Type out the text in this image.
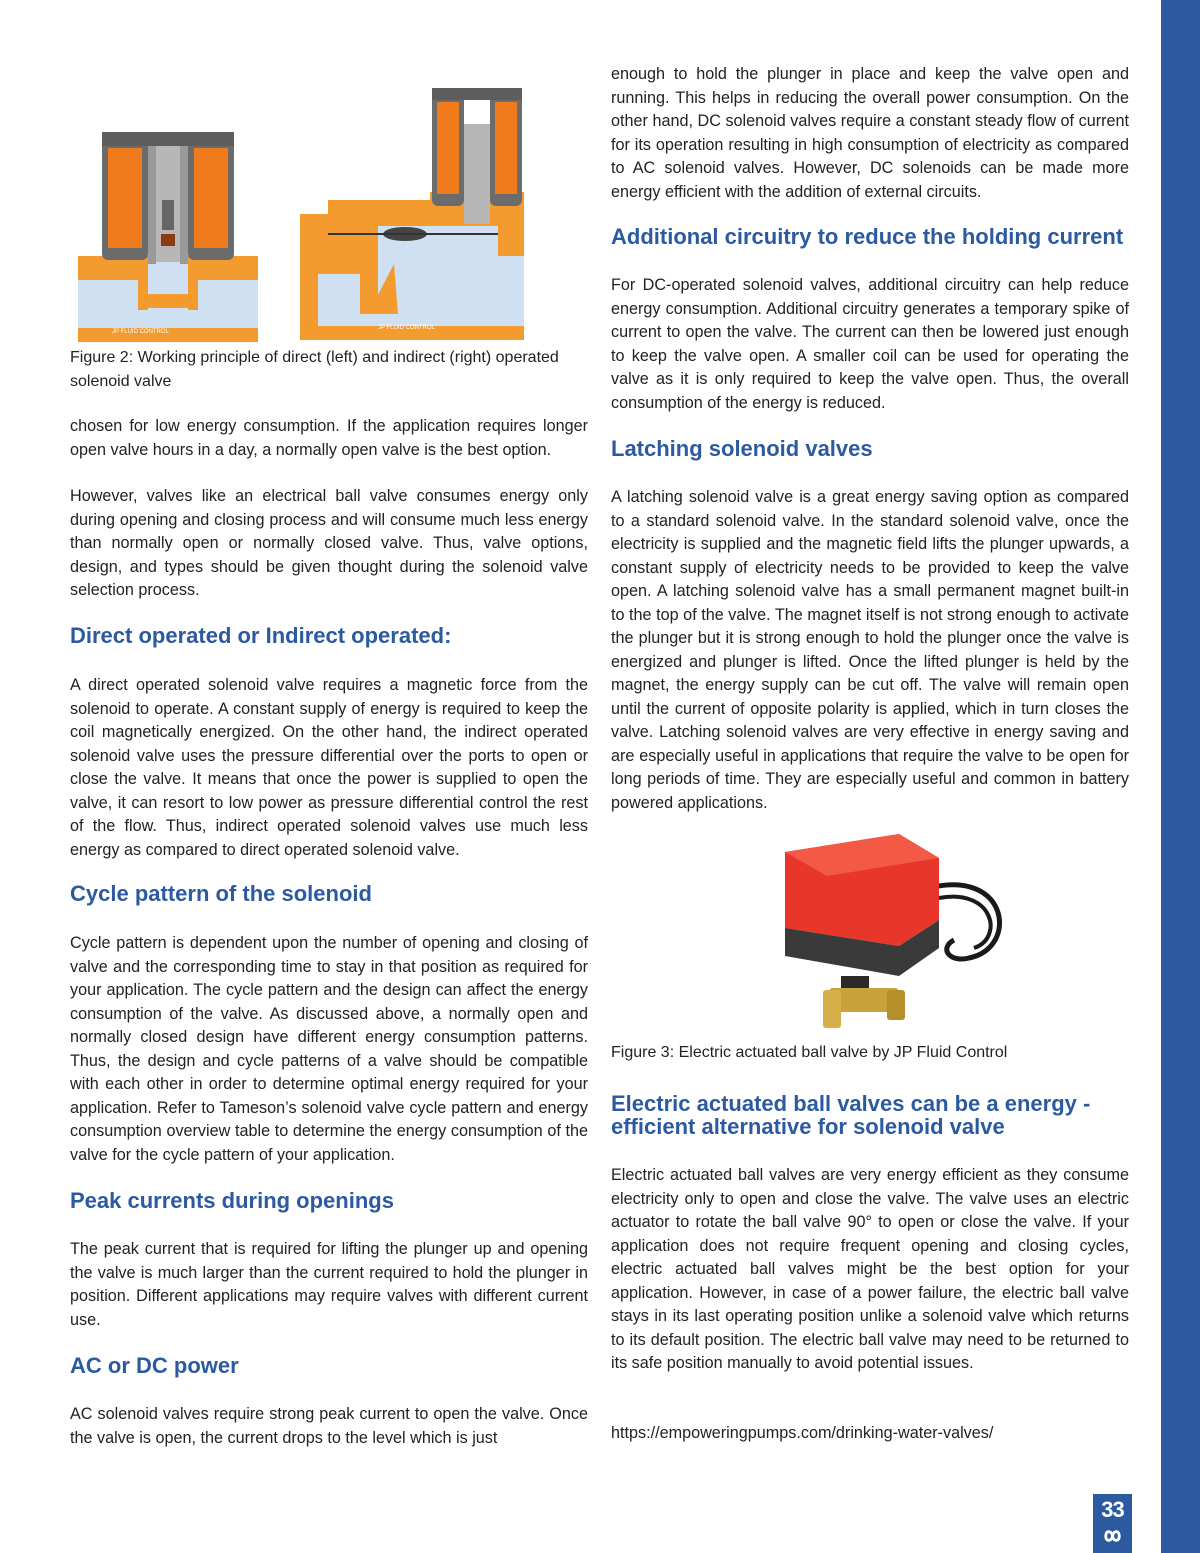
JP FLUID CONTROL
JP FLUID CONTROL

Figure 2: Working principle of direct (left) and indirect (right) operated solenoid valve

chosen for low energy consumption. If the application requires longer open valve hours in a day, a normally open valve is the best option.

However, valves like an electrical ball valve consumes energy only during opening and closing process and will consume much less energy than normally open or normally closed valve. Thus, valve options, design, and types should be given thought during the solenoid valve selection process.

Direct operated or Indirect operated:

A direct operated solenoid valve requires a magnetic force from the solenoid to operate. A constant supply of energy is required to keep the coil magnetically energized. On the other hand, the indirect operated solenoid valve uses the pressure differential over the ports to open or close the valve. It means that once the power is supplied to open the valve, it can resort to low power as pressure differential control the rest of the flow. Thus, indirect operated solenoid valves use much less energy as compared to direct operated solenoid valve.

Cycle pattern of the solenoid

Cycle pattern is dependent upon the number of opening and closing of valve and the corresponding time to stay in that position as required for your application. The cycle pattern and the design can affect the energy consumption of the valve. As discussed above, a normally open and normally closed design have different energy consumption patterns. Thus, the design and cycle patterns of a valve should be compatible with each other in order to determine optimal energy required for your application. Refer to Tameson’s solenoid valve cycle pattern and energy consumption overview table to determine the energy consumption of the valve for the cycle pattern of your application.

Peak currents during openings

The peak current that is required for lifting the plunger up and opening the valve is much larger than the current required to hold the plunger in position. Different applications may require valves with different current use.

AC or DC power

AC solenoid valves require strong peak current to open the valve. Once the valve is open, the current drops to the level which is just

enough to hold the plunger in place and keep the valve open and running. This helps in reducing the overall power consumption. On the other hand, DC solenoid valves require a constant steady flow of current for its operation resulting in high consumption of electricity as compared to AC solenoid valves. However, DC solenoids can be made more energy efficient with the addition of external circuits.

Additional circuitry to reduce the holding current

For DC-operated solenoid valves, additional circuitry can help reduce energy consumption. Additional circuitry generates a temporary spike of current to open the valve. The current can then be lowered just enough to keep the valve open. A smaller coil can be used for operating the valve as it is only required to keep the valve open. Thus, the overall consumption of the energy is reduced.

Latching solenoid valves

A latching solenoid valve is a great energy saving option as compared to a standard solenoid valve. In the standard solenoid valve, once the electricity is supplied and the magnetic field lifts the plunger upwards, a constant supply of electricity needs to be provided to keep the valve open. A latching solenoid valve has a small permanent magnet built-in to the top of the valve. The magnet itself is not strong enough to activate the plunger but it is strong enough to hold the plunger once the valve is energized and plunger is lifted. Once the lifted plunger is held by the magnet, the energy supply can be cut off. The valve will remain open until the current of opposite polarity is applied, which in turn closes the valve. Latching solenoid valves are very effective in energy saving and are especially useful in applications that require the valve to be open for long periods of time. They are especially useful and common in battery powered applications.

Figure 3: Electric actuated ball valve by JP Fluid Control

Electric actuated ball valves can be a energy - efficient alternative for solenoid valve

Electric actuated ball valves are very energy efficient as they consume electricity only to open and close the valve. The valve uses an electric actuator to rotate the ball valve 90° to open or close the valve. If your application does not require frequent opening and closing cycles, electric actuated ball valves might be the best option for your application. However, in case of a power failure, the electric ball valve stays in its last operating position unlike a solenoid valve which returns to its default position. The electric ball valve may need to be returned to its safe position manually to avoid potential issues.

https://empoweringpumps.com/drinking-water-valves/

33
